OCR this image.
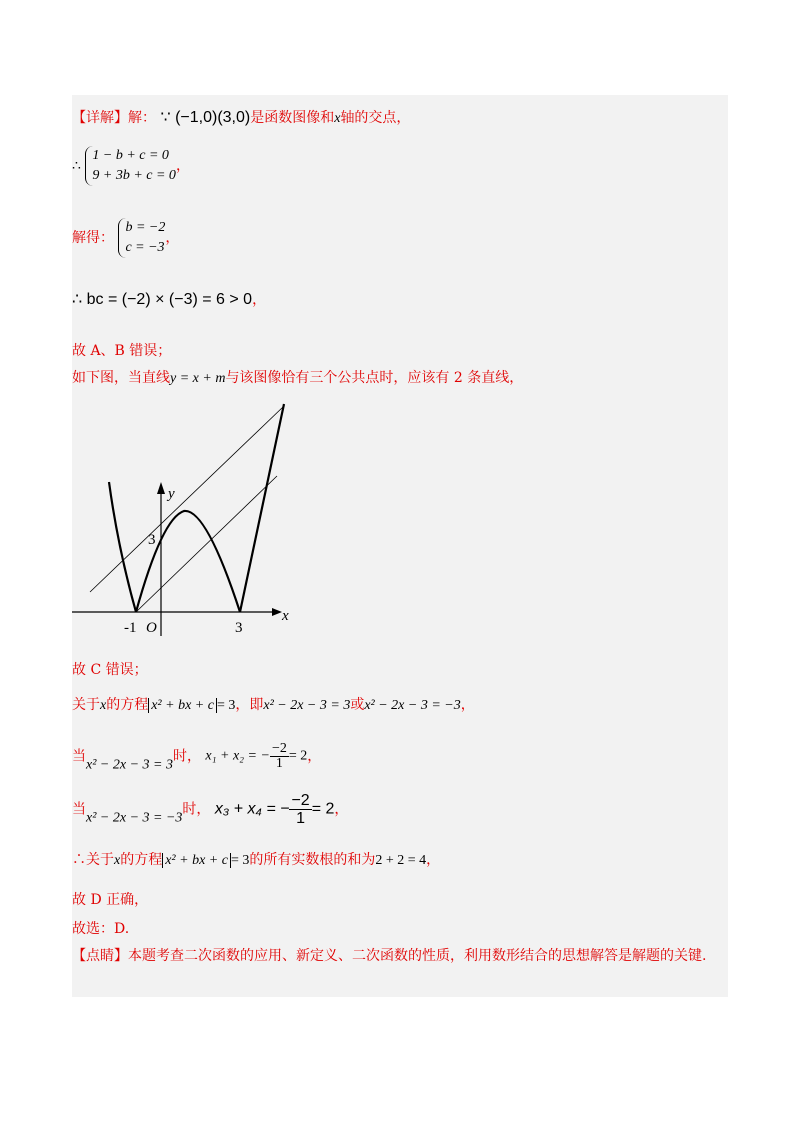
【详解】解： ∵ (−1,0)(3,0)是函数图像和x轴的交点，
∴
1 − b + c = 0
9 + 3b + c = 0
，
解得：
b = −2
c = −3
，
∴ bc = (−2) × (−3) = 6 > 0，
故 A、B 错误；
如下图，当直线y = x + m与该图像恰有三个公共点时，应该有 2 条直线，
y
x
O
-1	3
3
故 C 错误；
关于x的方程 x² + bx + c = 3，即x² − 2x − 3 = 3或x² − 2x − 3 = −3，
当x² − 2x − 3 = 3时， x₁ + x₂ = − $\frac{-2}{1} = 2$，
当x² − 2x − 3 = −3时， x₃ + x₄ = − $\frac{-2}{1} = 2$，
∴关于x的方程 x² + bx + c = 3的所有实数根的和为2 + 2 = 4，
故 D 正确，
故选：D.
【点睛】本题考查二次函数的应用、新定义、二次函数的性质，利用数形结合的思想解答是解题的关键.
